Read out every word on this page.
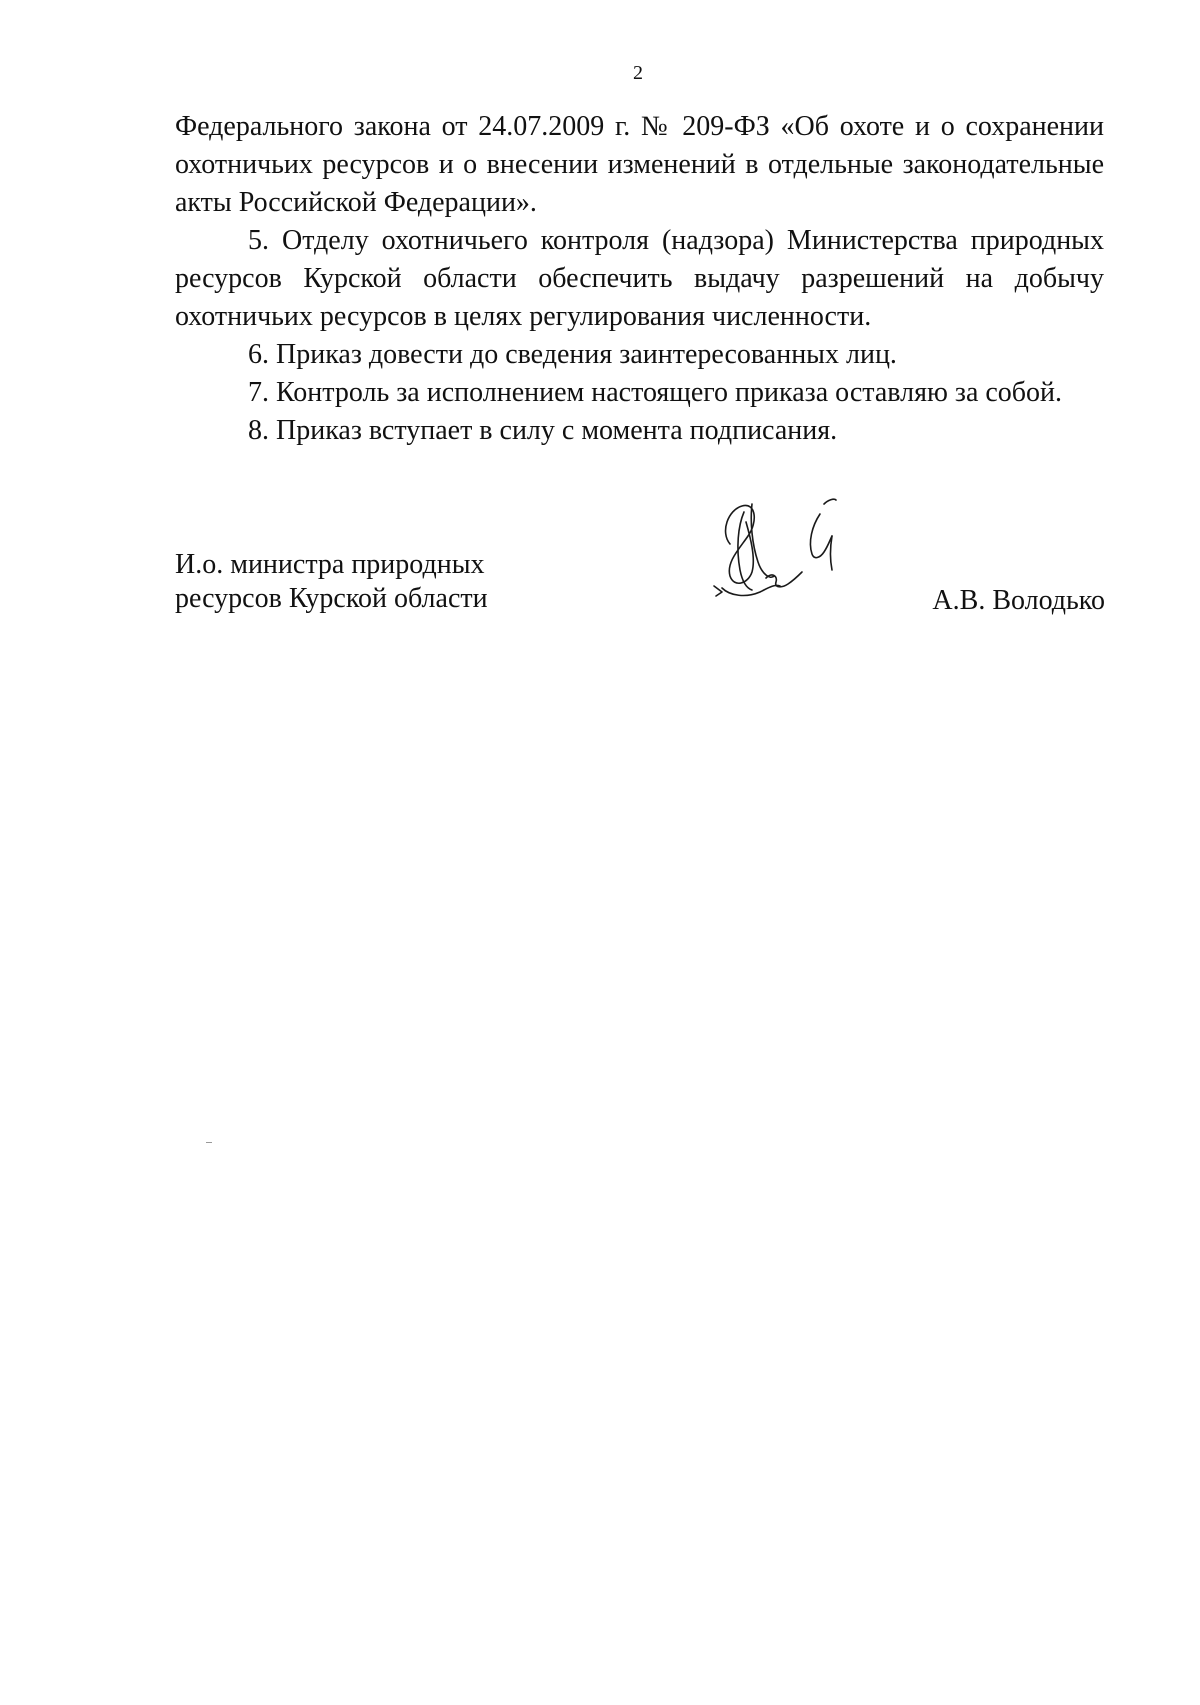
2

Федерального закона от 24.07.2009 г. № 209-ФЗ «Об охоте и о сохранении охотничьих ресурсов и о внесении изменений в отдельные законодательные акты Российской Федерации».

5. Отделу охотничьего контроля (надзора) Министерства природных ресурсов Курской области обеспечить выдачу разрешений на добычу охотничьих ресурсов в целях регулирования численности.

6. Приказ довести до сведения заинтересованных лиц.

7. Контроль за исполнением настоящего приказа оставляю за собой.

8. Приказ вступает в силу с момента подписания.

И.о. министра природных
ресурсов Курской области	А.В. Володько
